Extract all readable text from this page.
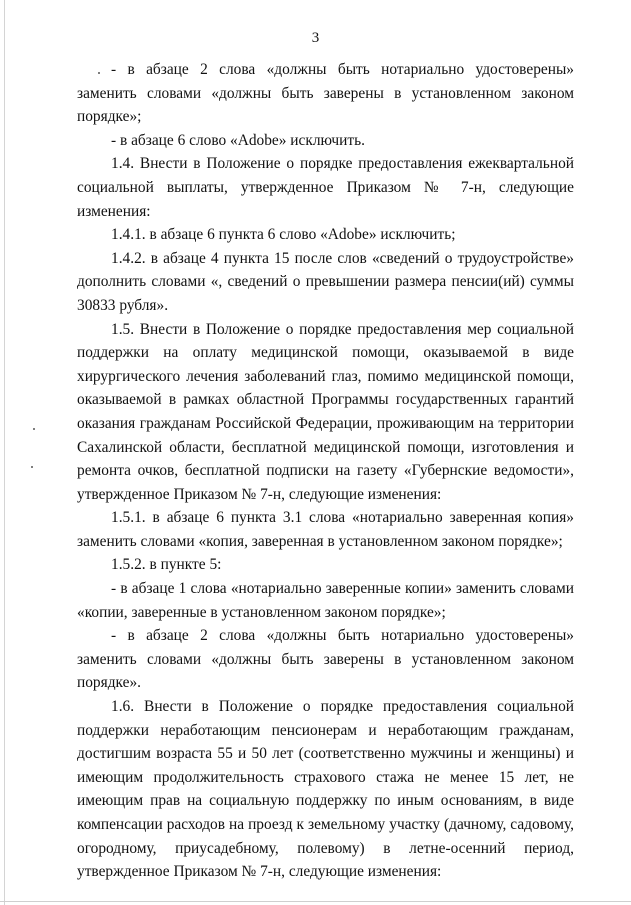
3

- в абзаце 2 слова «должны быть нотариально удостоверены» заменить словами «должны быть заверены в установленном законом порядке»;

- в абзаце 6 слово «Adobe» исключить.

1.4. Внести в Положение о порядке предоставления ежеквартальной социальной выплаты, утвержденное Приказом № 7-н, следующие изменения:

1.4.1. в абзаце 6 пункта 6 слово «Adobe» исключить;

1.4.2. в абзаце 4 пункта 15 после слов «сведений о трудоустройстве» дополнить словами «, сведений о превышении размера пенсии(ий) суммы 30833 рубля».

1.5. Внести в Положение о порядке предоставления мер социальной поддержки на оплату медицинской помощи, оказываемой в виде хирургического лечения заболеваний глаз, помимо медицинской помощи, оказываемой в рамках областной Программы государственных гарантий оказания гражданам Российской Федерации, проживающим на территории Сахалинской области, бесплатной медицинской помощи, изготовления и ремонта очков, бесплатной подписки на газету «Губернские ведомости», утвержденное Приказом № 7-н, следующие изменения:

1.5.1. в абзаце 6 пункта 3.1 слова «нотариально заверенная копия» заменить словами «копия, заверенная в установленном законом порядке»;

1.5.2. в пункте 5:

- в абзаце 1 слова «нотариально заверенные копии» заменить словами «копии, заверенные в установленном законом порядке»;

- в абзаце 2 слова «должны быть нотариально удостоверены» заменить словами «должны быть заверены в установленном законом порядке».

1.6. Внести в Положение о порядке предоставления социальной поддержки неработающим пенсионерам и неработающим гражданам, достигшим возраста 55 и 50 лет (соответственно мужчины и женщины) и имеющим продолжительность страхового стажа не менее 15 лет, не имеющим прав на социальную поддержку по иным основаниям, в виде компенсации расходов на проезд к земельному участку (дачному, садовому, огородному, приусадебному, полевому) в летне-осенний период, утвержденное Приказом № 7-н, следующие изменения:
